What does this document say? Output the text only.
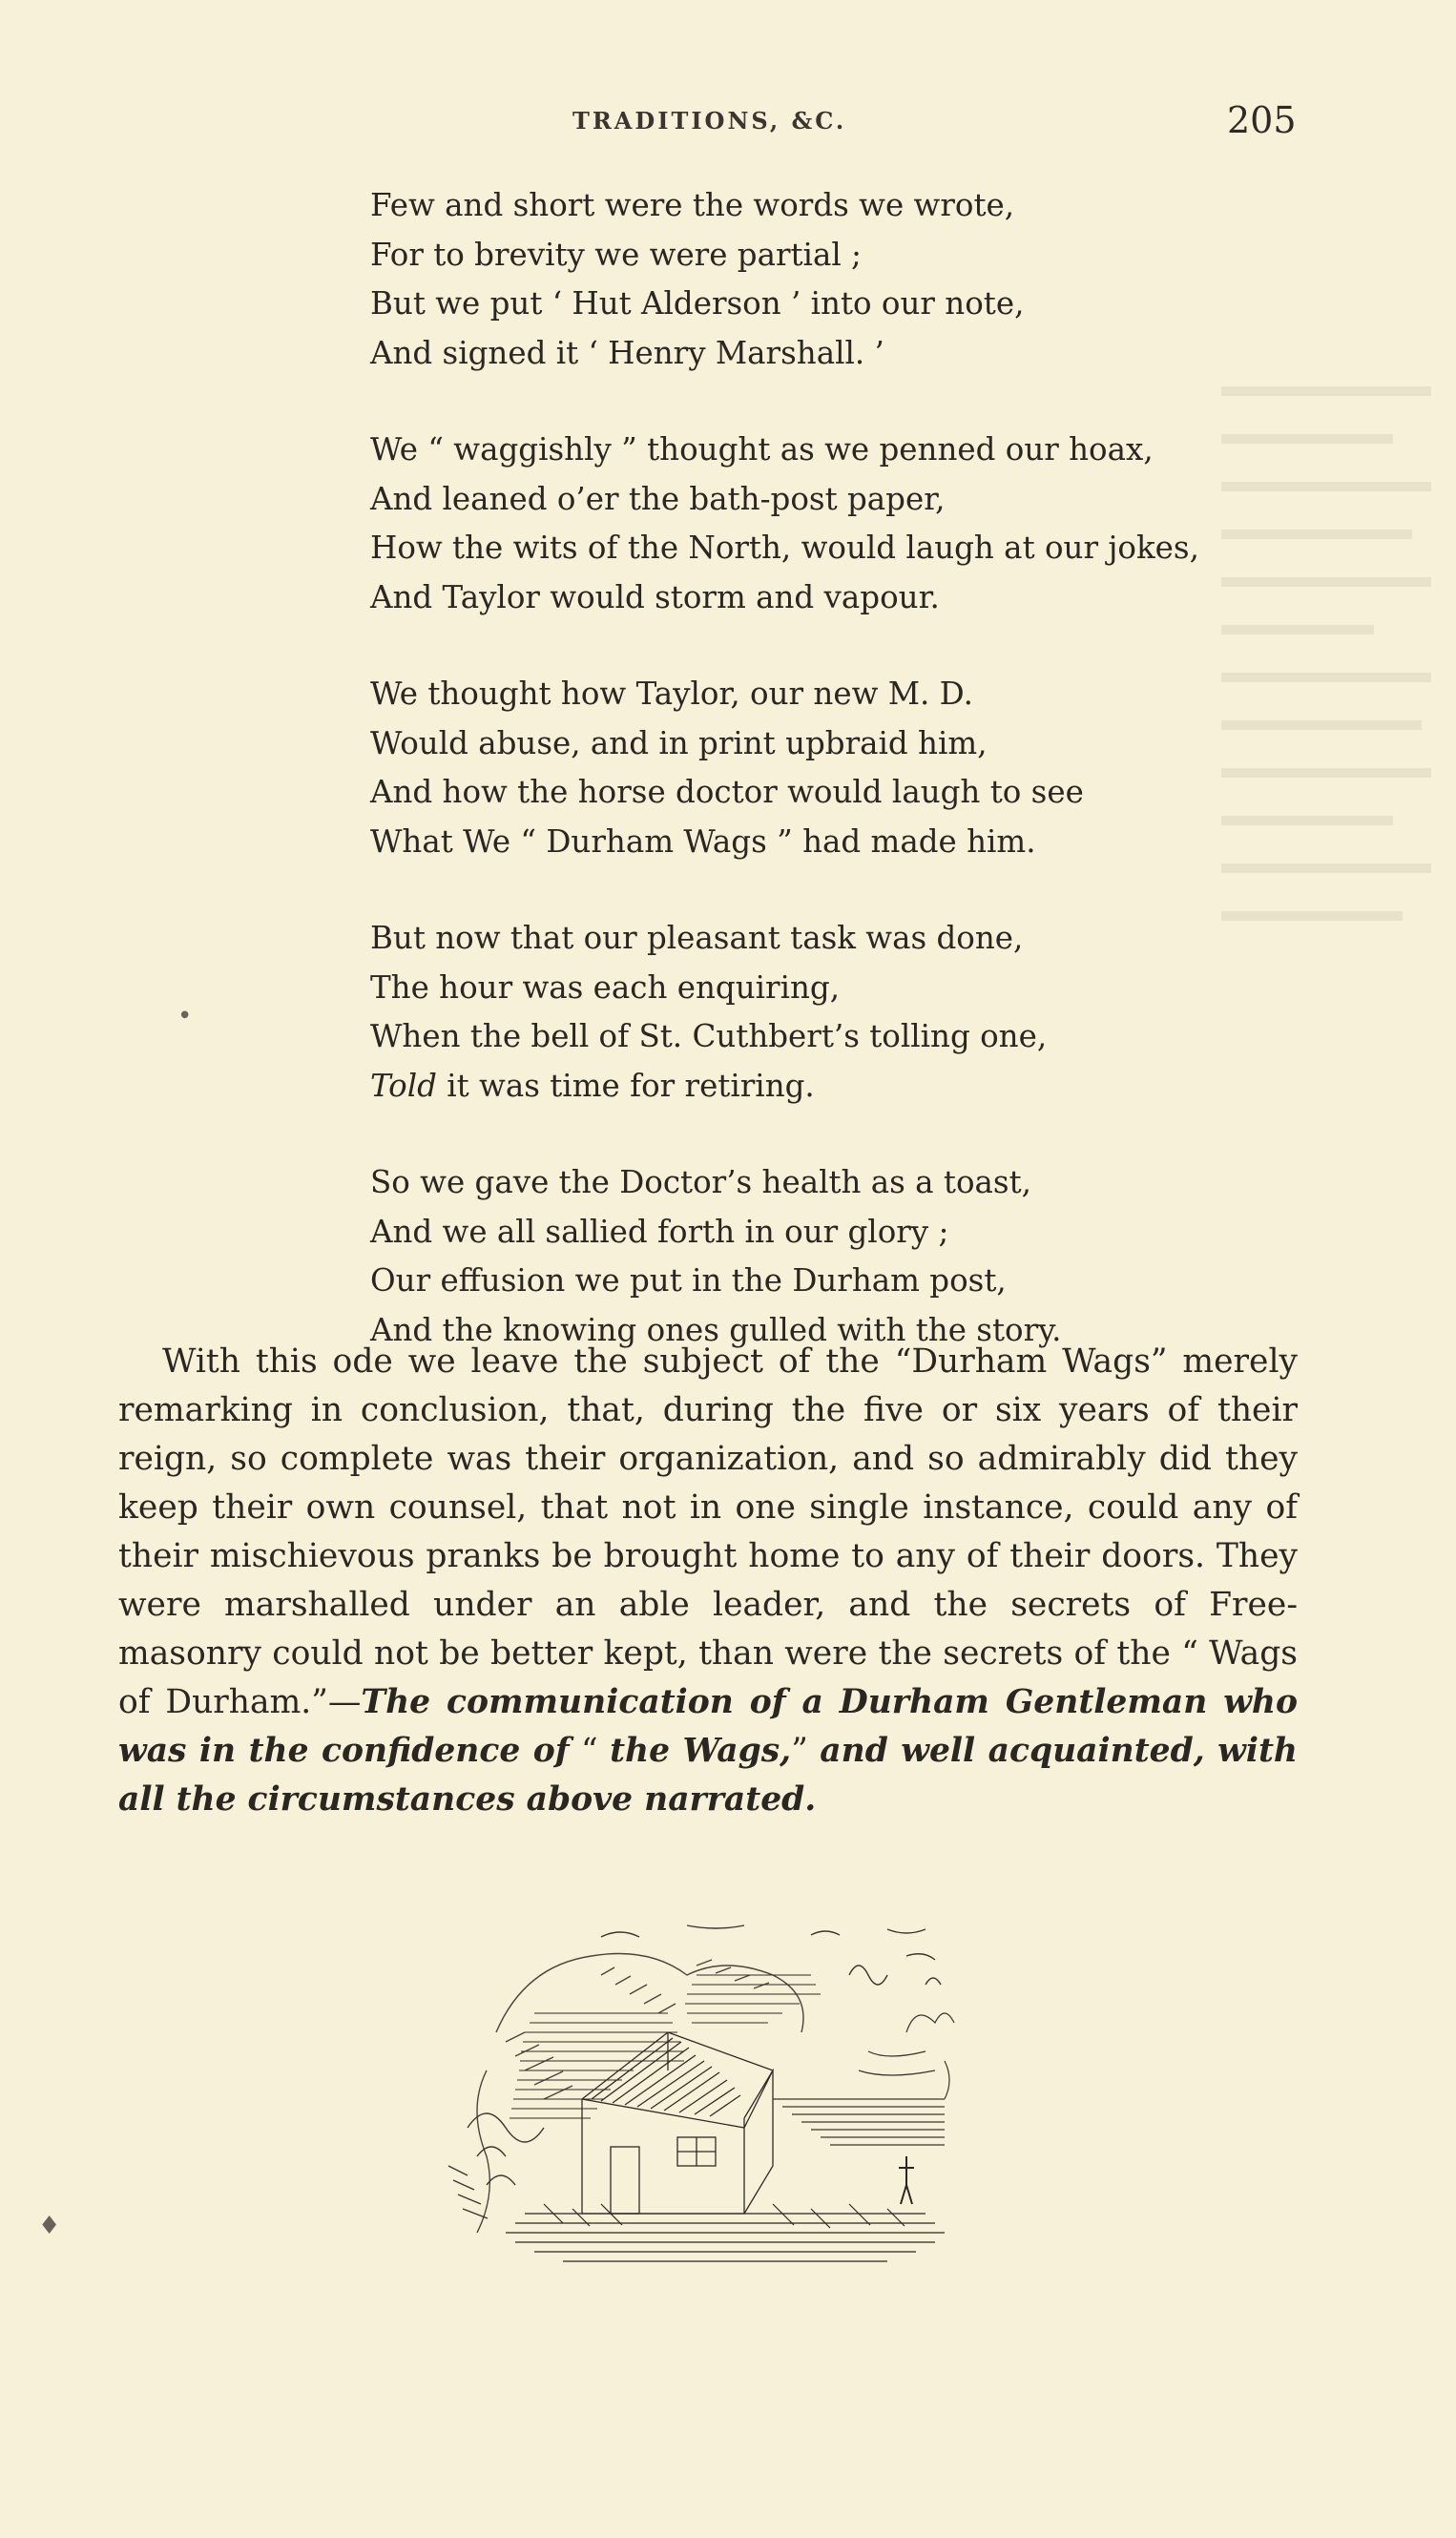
TRADITIONS, &C.	205
Few and short were the words we wrote,
For to brevity we were partial ;
But we put ‘ Hut Alderson ’ into our note,
And signed it ‘ Henry Marshall. ’
We “ waggishly ” thought as we penned our hoax,
And leaned o’er the bath-post paper,
How the wits of the North, would laugh at our jokes,
And Taylor would storm and vapour.
We thought how Taylor, our new M. D.
Would abuse, and in print upbraid him,
And how the horse doctor would laugh to see
What We “ Durham Wags ” had made him.
But now that our pleasant task was done,
The hour was each enquiring,
When the bell of St. Cuthbert’s tolling one,
Told it was time for retiring.
So we gave the Doctor’s health as a toast,
And we all sallied forth in our glory ;
Our effusion we put in the Durham post,
And the knowing ones gulled with the story.
•
With this ode we leave the subject of the “Durham Wags” merely remarking in conclusion, that, during the five or six years of their reign, so complete was their organization, and so admirably did they keep their own counsel, that not in one single instance, could any of their mischievous pranks be brought home to any of their doors. They were marshalled under an able leader, and the secrets of Free-masonry could not be better kept, than were the secrets of the “ Wags of Durham.”—The communication of a Durham Gentleman who was in the confidence of “ the Wags,” and well acquainted, with all the circumstances above narrated.
♦
